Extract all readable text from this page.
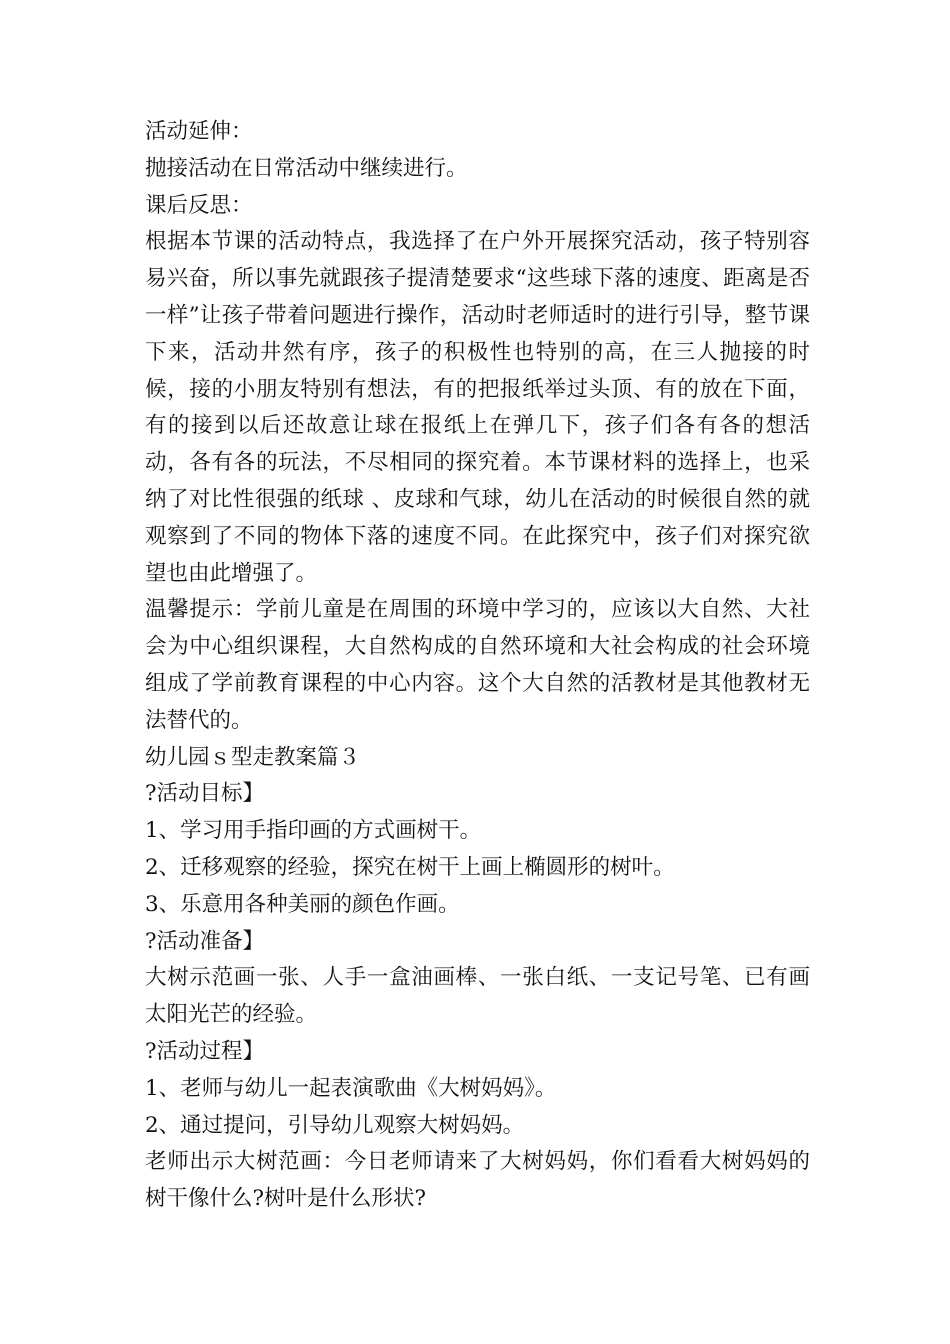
活动延伸：

抛接活动在日常活动中继续进行。

课后反思：

根据本节课的活动特点，我选择了在户外开展探究活动，孩子特别容易兴奋，所以事先就跟孩子提清楚要求“这些球下落的速度、距离是否一样”让孩子带着问题进行操作，活动时老师适时的进行引导，整节课下来，活动井然有序，孩子的积极性也特别的高，在三人抛接的时候，接的小朋友特别有想法，有的把报纸举过头顶、有的放在下面，有的接到以后还故意让球在报纸上在弹几下，孩子们各有各的想活动，各有各的玩法，不尽相同的探究着。本节课材料的选择上，也采纳了对比性很强的纸球 、皮球和气球，幼儿在活动的时候很自然的就观察到了不同的物体下落的速度不同。在此探究中，孩子们对探究欲望也由此增强了。

温馨提示：学前儿童是在周围的环境中学习的，应该以大自然、大社会为中心组织课程，大自然构成的自然环境和大社会构成的社会环境组成了学前教育课程的中心内容。这个大自然的活教材是其他教材无法替代的。

幼儿园ｓ型走教案篇３

?活动目标】

1、学习用手指印画的方式画树干。

2、迁移观察的经验，探究在树干上画上椭圆形的树叶。

3、乐意用各种美丽的颜色作画。

?活动准备】

大树示范画一张、人手一盒油画棒、一张白纸、一支记号笔、已有画太阳光芒的经验。

?活动过程】

1、老师与幼儿一起表演歌曲《大树妈妈》。

2、通过提问，引导幼儿观察大树妈妈。

老师出示大树范画：今日老师请来了大树妈妈，你们看看大树妈妈的树干像什么?树叶是什么形状?
